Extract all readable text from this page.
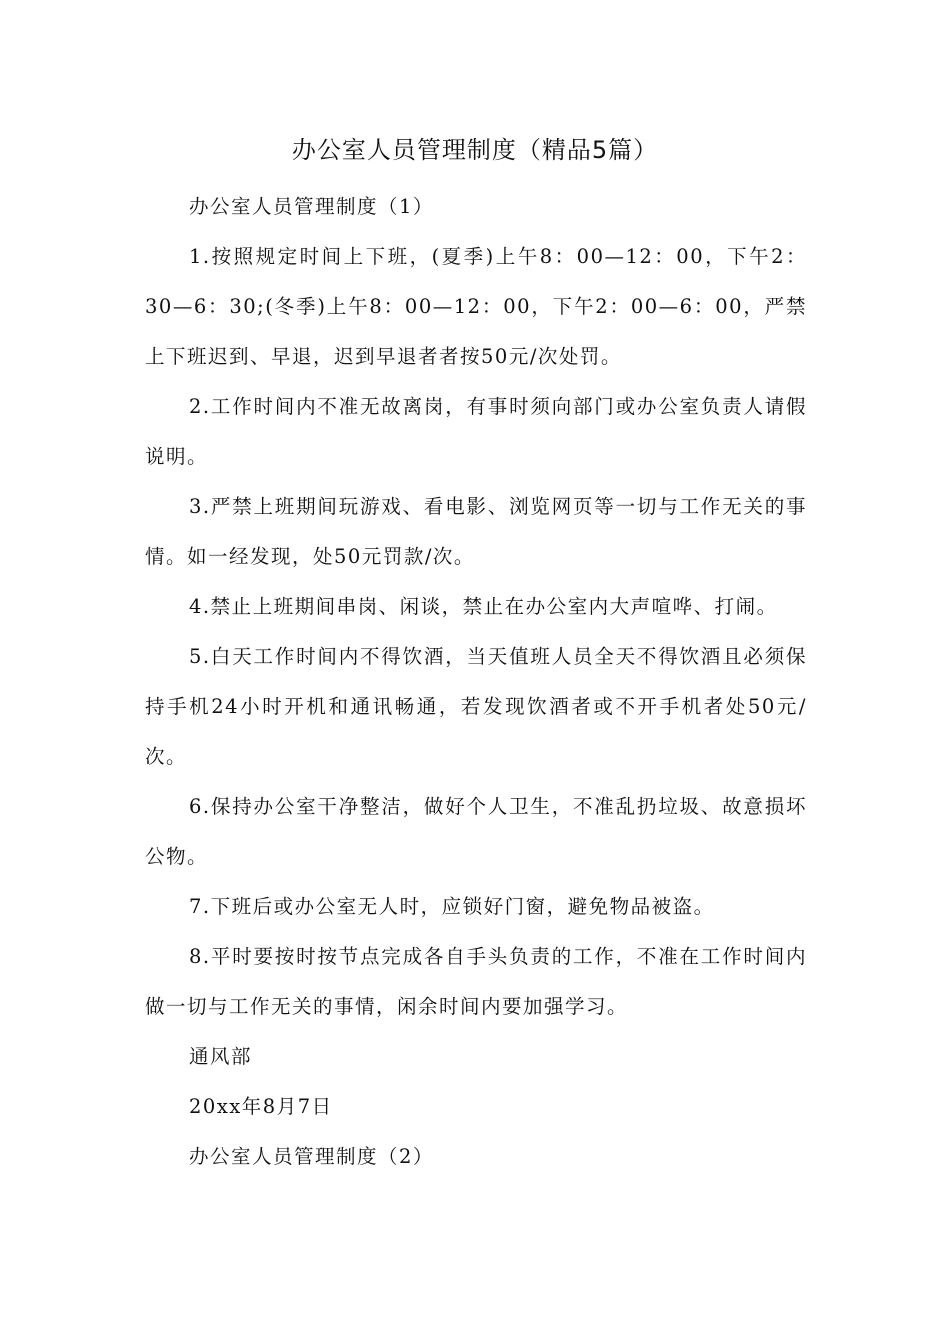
办公室人员管理制度（精品5篇）

办公室人员管理制度（1）

1.按照规定时间上下班，(夏季)上午8：00—12：00，下午2：30—6：30;(冬季)上午8：00—12：00，下午2：00—6：00，严禁上下班迟到、早退，迟到早退者者按50元/次处罚。

2.工作时间内不准无故离岗，有事时须向部门或办公室负责人请假说明。

3.严禁上班期间玩游戏、看电影、浏览网页等一切与工作无关的事情。如一经发现，处50元罚款/次。

4.禁止上班期间串岗、闲谈，禁止在办公室内大声喧哗、打闹。

5.白天工作时间内不得饮酒，当天值班人员全天不得饮酒且必须保持手机24小时开机和通讯畅通，若发现饮酒者或不开手机者处50元/次。

6.保持办公室干净整洁，做好个人卫生，不准乱扔垃圾、故意损坏公物。

7.下班后或办公室无人时，应锁好门窗，避免物品被盗。

8.平时要按时按节点完成各自手头负责的工作，不准在工作时间内做一切与工作无关的事情，闲余时间内要加强学习。

通风部

20xx年8月7日

办公室人员管理制度（2）
